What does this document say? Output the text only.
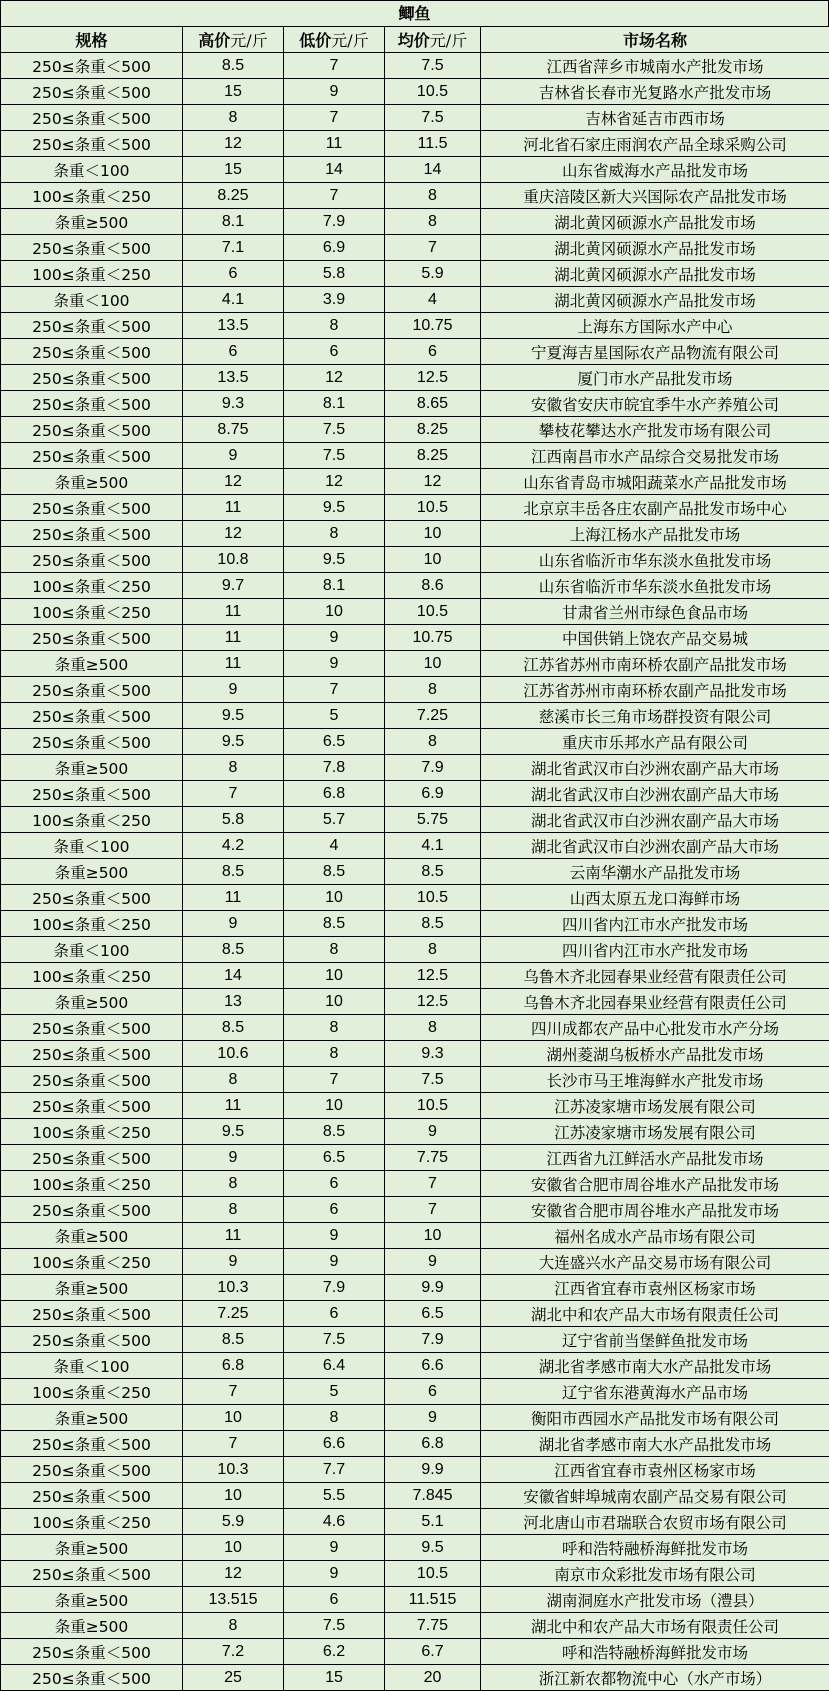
鲫鱼
规格	高价元/斤	低价元/斤	均价元/斤	市场名称
250≤条重＜500	8.5	7	7.5	江西省萍乡市城南水产批发市场
250≤条重＜500	15	9	10.5	吉林省长春市光复路水产批发市场
250≤条重＜500	8	7	7.5	吉林省延吉市西市场
250≤条重＜500	12	11	11.5	河北省石家庄雨润农产品全球采购公司
条重＜100	15	14	14	山东省威海水产品批发市场
100≤条重＜250	8.25	7	8	重庆涪陵区新大兴国际农产品批发市场
条重≥500	8.1	7.9	8	湖北黄冈硕源水产品批发市场
250≤条重＜500	7.1	6.9	7	湖北黄冈硕源水产品批发市场
100≤条重＜250	6	5.8	5.9	湖北黄冈硕源水产品批发市场
条重＜100	4.1	3.9	4	湖北黄冈硕源水产品批发市场
250≤条重＜500	13.5	8	10.75	上海东方国际水产中心
250≤条重＜500	6	6	6	宁夏海吉星国际农产品物流有限公司
250≤条重＜500	13.5	12	12.5	厦门市水产品批发市场
250≤条重＜500	9.3	8.1	8.65	安徽省安庆市皖宜季牛水产养殖公司
250≤条重＜500	8.75	7.5	8.25	攀枝花攀达水产批发市场有限公司
250≤条重＜500	9	7.5	8.25	江西南昌市水产品综合交易批发市场
条重≥500	12	12	12	山东省青岛市城阳蔬菜水产品批发市场
250≤条重＜500	11	9.5	10.5	北京京丰岳各庄农副产品批发市场中心
250≤条重＜500	12	8	10	上海江杨水产品批发市场
250≤条重＜500	10.8	9.5	10	山东省临沂市华东淡水鱼批发市场
100≤条重＜250	9.7	8.1	8.6	山东省临沂市华东淡水鱼批发市场
100≤条重＜250	11	10	10.5	甘肃省兰州市绿色食品市场
250≤条重＜500	11	9	10.75	中国供销上饶农产品交易城
条重≥500	11	9	10	江苏省苏州市南环桥农副产品批发市场
250≤条重＜500	9	7	8	江苏省苏州市南环桥农副产品批发市场
250≤条重＜500	9.5	5	7.25	慈溪市长三角市场群投资有限公司
250≤条重＜500	9.5	6.5	8	重庆市乐邦水产品有限公司
条重≥500	8	7.8	7.9	湖北省武汉市白沙洲农副产品大市场
250≤条重＜500	7	6.8	6.9	湖北省武汉市白沙洲农副产品大市场
100≤条重＜250	5.8	5.7	5.75	湖北省武汉市白沙洲农副产品大市场
条重＜100	4.2	4	4.1	湖北省武汉市白沙洲农副产品大市场
条重≥500	8.5	8.5	8.5	云南华潮水产品批发市场
250≤条重＜500	11	10	10.5	山西太原五龙口海鲜市场
100≤条重＜250	9	8.5	8.5	四川省内江市水产批发市场
条重＜100	8.5	8	8	四川省内江市水产批发市场
100≤条重＜250	14	10	12.5	乌鲁木齐北园春果业经营有限责任公司
条重≥500	13	10	12.5	乌鲁木齐北园春果业经营有限责任公司
250≤条重＜500	8.5	8	8	四川成都农产品中心批发市水产分场
250≤条重＜500	10.6	8	9.3	湖州菱湖乌板桥水产品批发市场
250≤条重＜500	8	7	7.5	长沙市马王堆海鲜水产批发市场
250≤条重＜500	11	10	10.5	江苏凌家塘市场发展有限公司
100≤条重＜250	9.5	8.5	9	江苏凌家塘市场发展有限公司
250≤条重＜500	9	6.5	7.75	江西省九江鲜活水产品批发市场
100≤条重＜250	8	6	7	安徽省合肥市周谷堆水产品批发市场
250≤条重＜500	8	6	7	安徽省合肥市周谷堆水产品批发市场
条重≥500	11	9	10	福州名成水产品市场有限公司
100≤条重＜250	9	9	9	大连盛兴水产品交易市场有限公司
条重≥500	10.3	7.9	9.9	江西省宜春市袁州区杨家市场
250≤条重＜500	7.25	6	6.5	湖北中和农产品大市场有限责任公司
250≤条重＜500	8.5	7.5	7.9	辽宁省前当堡鲜鱼批发市场
条重＜100	6.8	6.4	6.6	湖北省孝感市南大水产品批发市场
100≤条重＜250	7	5	6	辽宁省东港黄海水产品市场
条重≥500	10	8	9	衡阳市西园水产品批发市场有限公司
250≤条重＜500	7	6.6	6.8	湖北省孝感市南大水产品批发市场
250≤条重＜500	10.3	7.7	9.9	江西省宜春市袁州区杨家市场
250≤条重＜500	10	5.5	7.845	安徽省蚌埠城南农副产品交易有限公司
100≤条重＜250	5.9	4.6	5.1	河北唐山市君瑞联合农贸市场有限公司
条重≥500	10	9	9.5	呼和浩特融桥海鲜批发市场
250≤条重＜500	12	9	10.5	南京市众彩批发市场有限公司
条重≥500	13.515	6	11.515	湖南洞庭水产批发市场（澧县）
条重≥500	8	7.5	7.75	湖北中和农产品大市场有限责任公司
250≤条重＜500	7.2	6.2	6.7	呼和浩特融桥海鲜批发市场
250≤条重＜500	25	15	20	浙江新农都物流中心（水产市场）
